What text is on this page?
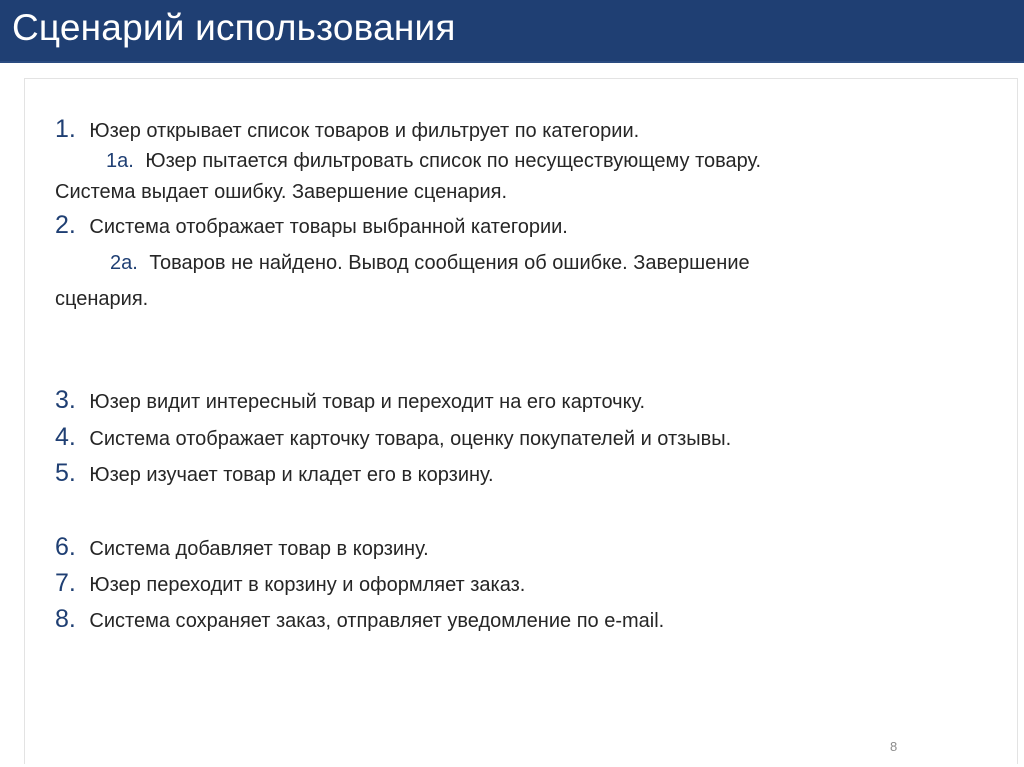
Сценарий использования
1. Юзер открывает список товаров и фильтрует по категории.
1a. Юзер пытается фильтровать список по несуществующему товару.
Система выдает ошибку. Завершение сценария.
2. Система отображает товары выбранной категории.
2a. Товаров не найдено. Вывод сообщения об ошибке. Завершение
сценария.
3. Юзер видит интересный товар и переходит на его карточку.
4. Система отображает карточку товара, оценку покупателей и отзывы.
5. Юзер изучает товар и кладет его в корзину.
6. Система добавляет товар в корзину.
7. Юзер переходит в корзину и оформляет заказ.
8. Система сохраняет заказ, отправляет уведомление по e-mail.
8
